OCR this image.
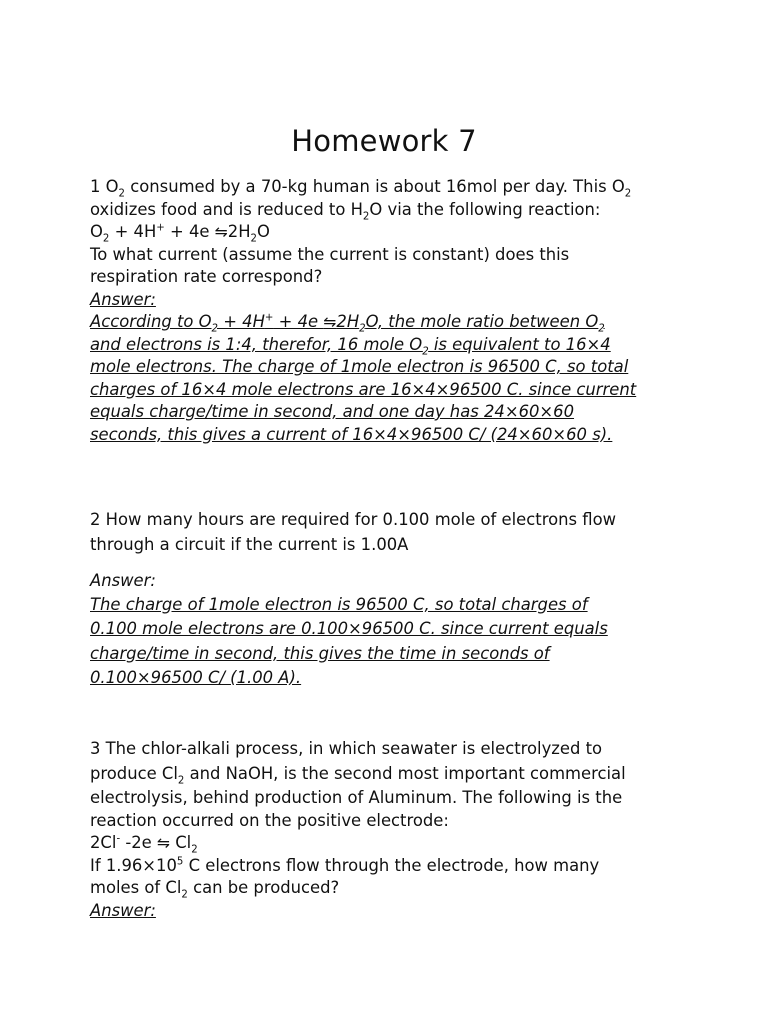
Homework 7
1 $O_2$ consumed by a 70-kg human is about 16mol per day. This $O_2$
oxidizes food and is reduced to $H_2O$ via the following reaction:
$O_2 + 4H^+ + 4e$ $⇋2H_2O$
To what current (assume the current is constant) does this
respiration rate correspond?
Answer:
According to $O_2 + 4H^+ + 4e$ $⇋2H_2O$, the mole ratio between $O_2$
and electrons is 1:4, therefor, 16 mole $O_2$ is equivalent to 16×4
mole electrons. The charge of 1mole electron is 96500 C, so total
charges of 16×4 mole electrons are 16×4×96500 C. since current
equals charge/time in second, and one day has 24×60×60
seconds, this gives a current of 16×4×96500 C/ (24×60×60 s).
2 How many hours are required for 0.100 mole of electrons flow
through a circuit if the current is 1.00A
Answer:
The charge of 1mole electron is 96500 C, so total charges of
0.100 mole electrons are 0.100×96500 C. since current equals
charge/time in second, this gives the time in seconds of
0.100×96500 C/ (1.00 A).
3 The chlor-alkali process, in which seawater is electrolyzed to
produce $Cl_2$ and NaOH, is the second most important commercial
electrolysis, behind production of Aluminum. The following is the
reaction occurred on the positive electrode:
2Cl- -2e ⇋ $Cl_2$
If $1.96\times 10^5$ C electrons flow through the electrode, how many
moles of $Cl_2$ can be produced?
Answer:
